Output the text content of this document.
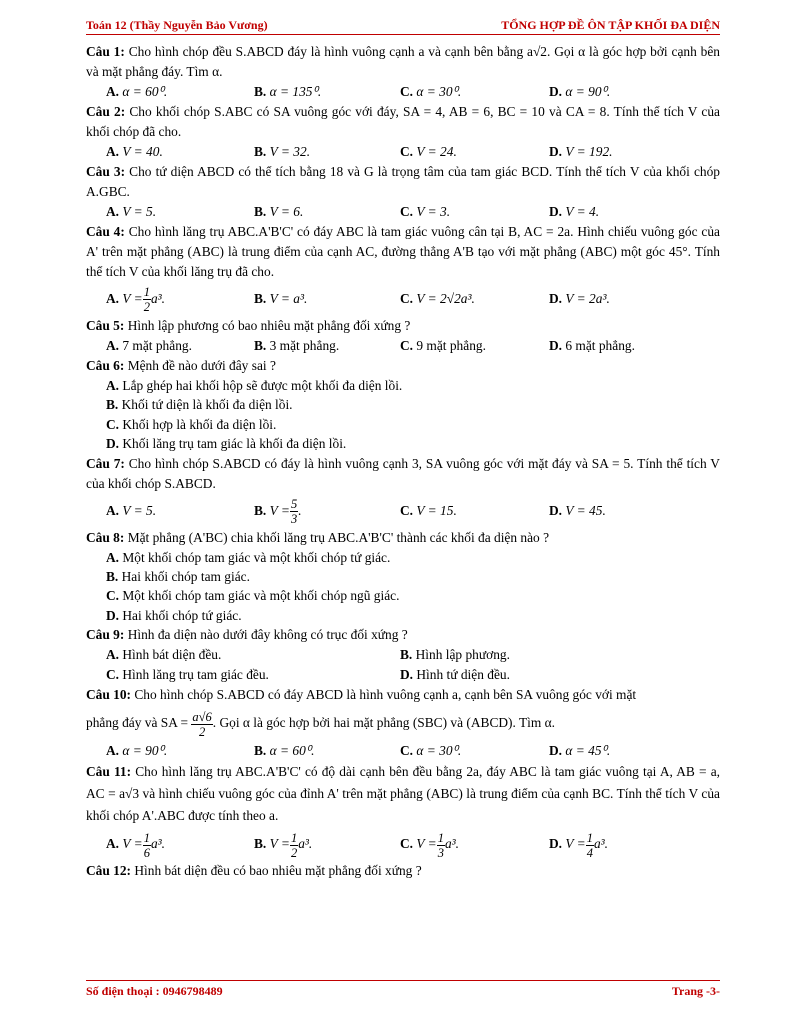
Toán 12 (Thầy Nguyễn Bảo Vương)	TỔNG HỢP ĐỀ ÔN TẬP KHỐI ĐA DIỆN

Câu 1: Cho hình chóp đều S.ABCD đáy là hình vuông cạnh a và cạnh bên bằng a√2. Gọi α là góc hợp bởi cạnh bên và mặt phẳng đáy. Tìm α.

A. α = 60⁰.	B. α = 135⁰.	C. α = 30⁰.	D. α = 90⁰.

Câu 2: Cho khối chóp S.ABC có SA vuông góc với đáy, SA = 4, AB = 6, BC = 10 và CA = 8. Tính thể tích V của khối chóp đã cho.

A. V = 40.	B. V = 32.	C. V = 24.	D. V = 192.

Câu 3: Cho tứ diện ABCD có thể tích bằng 18 và G là trọng tâm của tam giác BCD. Tính thể tích V của khối chóp A.GBC.

A. V = 5.	B. V = 6.	C. V = 3.	D. V = 4.

Câu 4: Cho hình lăng trụ ABC.A'B'C' có đáy ABC là tam giác vuông cân tại B, AC = 2a. Hình chiếu vuông góc của A' trên mặt phẳng (ABC) là trung điểm của cạnh AC, đường thẳng A'B tạo với mặt phẳng (ABC) một góc 45°. Tính thể tích V của khối lăng trụ đã cho.

A. $V = \frac{1}{2} a^3$.	B. V = a³.	C. V = 2√2a³.	D. V = 2a³.

Câu 5: Hình lập phương có bao nhiêu mặt phẳng đối xứng ?

A. 7 mặt phẳng.	B. 3 mặt phẳng.	C. 9 mặt phẳng.	D. 6 mặt phẳng.

Câu 6: Mệnh đề nào dưới đây sai ?

A. Lắp ghép hai khối hộp sẽ được một khối đa diện lồi.
B. Khối tứ diện là khối đa diện lồi.
C. Khối hợp là khối đa diện lồi.
D. Khối lăng trụ tam giác là khối đa diện lồi.

Câu 7: Cho hình chóp S.ABCD có đáy là hình vuông cạnh 3, SA vuông góc với mặt đáy và SA = 5. Tính thể tích V của khối chóp S.ABCD.

A. V = 5.	B. $V = \frac{5}{3}$ .	C. V = 15.	D. V = 45.

Câu 8: Mặt phẳng (A'BC) chia khối lăng trụ ABC.A'B'C' thành các khối đa diện nào ?

A. Một khối chóp tam giác và một khối chóp tứ giác.
B. Hai khối chóp tam giác.
C. Một khối chóp tam giác và một khối chóp ngũ giác.
D. Hai khối chóp tứ giác.

Câu 9: Hình đa diện nào dưới đây không có trục đối xứng ?

A. Hình bát diện đều.	B. Hình lập phương.
C. Hình lăng trụ tam giác đều.	D. Hình tứ diện đều.

Câu 10: Cho hình chóp S.ABCD có đáy ABCD là hình vuông cạnh a, cạnh bên SA vuông góc với mặt

phẳng đáy và SA = $\frac{a√6}{2}$ . Gọi α là góc hợp bởi hai mặt phẳng (SBC) và (ABCD). Tìm α.

A. α = 90⁰.	B. α = 60⁰.	C. α = 30⁰.	D. α = 45⁰.

Câu 11: Cho hình lăng trụ ABC.A'B'C' có độ dài cạnh bên đều bằng 2a, đáy ABC là tam giác vuông tại A, AB = a, AC = a√3 và hình chiếu vuông góc của đỉnh A' trên mặt phẳng (ABC) là trung điểm của cạnh BC. Tính thể tích V của khối chóp A'.ABC được tính theo a.

A. $V = \frac{1}{6} a^3$.	B. $V = \frac{1}{2} a^3$.	C. $V = \frac{1}{3} a^3$.	D. $V = \frac{1}{4} a^3$.

Câu 12: Hình bát diện đều có bao nhiêu mặt phẳng đối xứng ?

Số điện thoại : 0946798489	Trang -3-
